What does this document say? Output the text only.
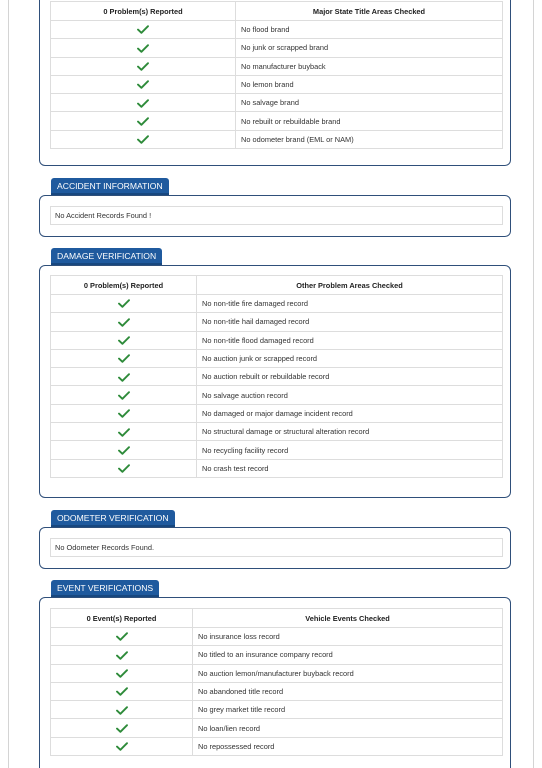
0 Problem(s) Reported	Major State Title Areas Checked
	No flood brand
	No junk or scrapped brand
	No manufacturer buyback
	No lemon brand
	No salvage brand
	No rebuilt or rebuildable brand
	No odometer brand (EML or NAM)
ACCIDENT INFORMATION
No Accident Records Found !
DAMAGE VERIFICATION
0 Problem(s) Reported	Other Problem Areas Checked
	No non-title fire damaged record
	No non-title hail damaged record
	No non-title flood damaged record
	No auction junk or scrapped record
	No auction rebuilt or rebuildable record
	No salvage auction record
	No damaged or major damage incident record
	No structural damage or structural alteration record
	No recycling facility record
	No crash test record
ODOMETER VERIFICATION
No Odometer Records Found.
EVENT VERIFICATIONS
0 Event(s) Reported	Vehicle Events Checked
	No insurance loss record
	No titled to an insurance company record
	No auction lemon/manufacturer buyback record
	No abandoned title record
	No grey market title record
	No loan/lien record
	No repossessed record
